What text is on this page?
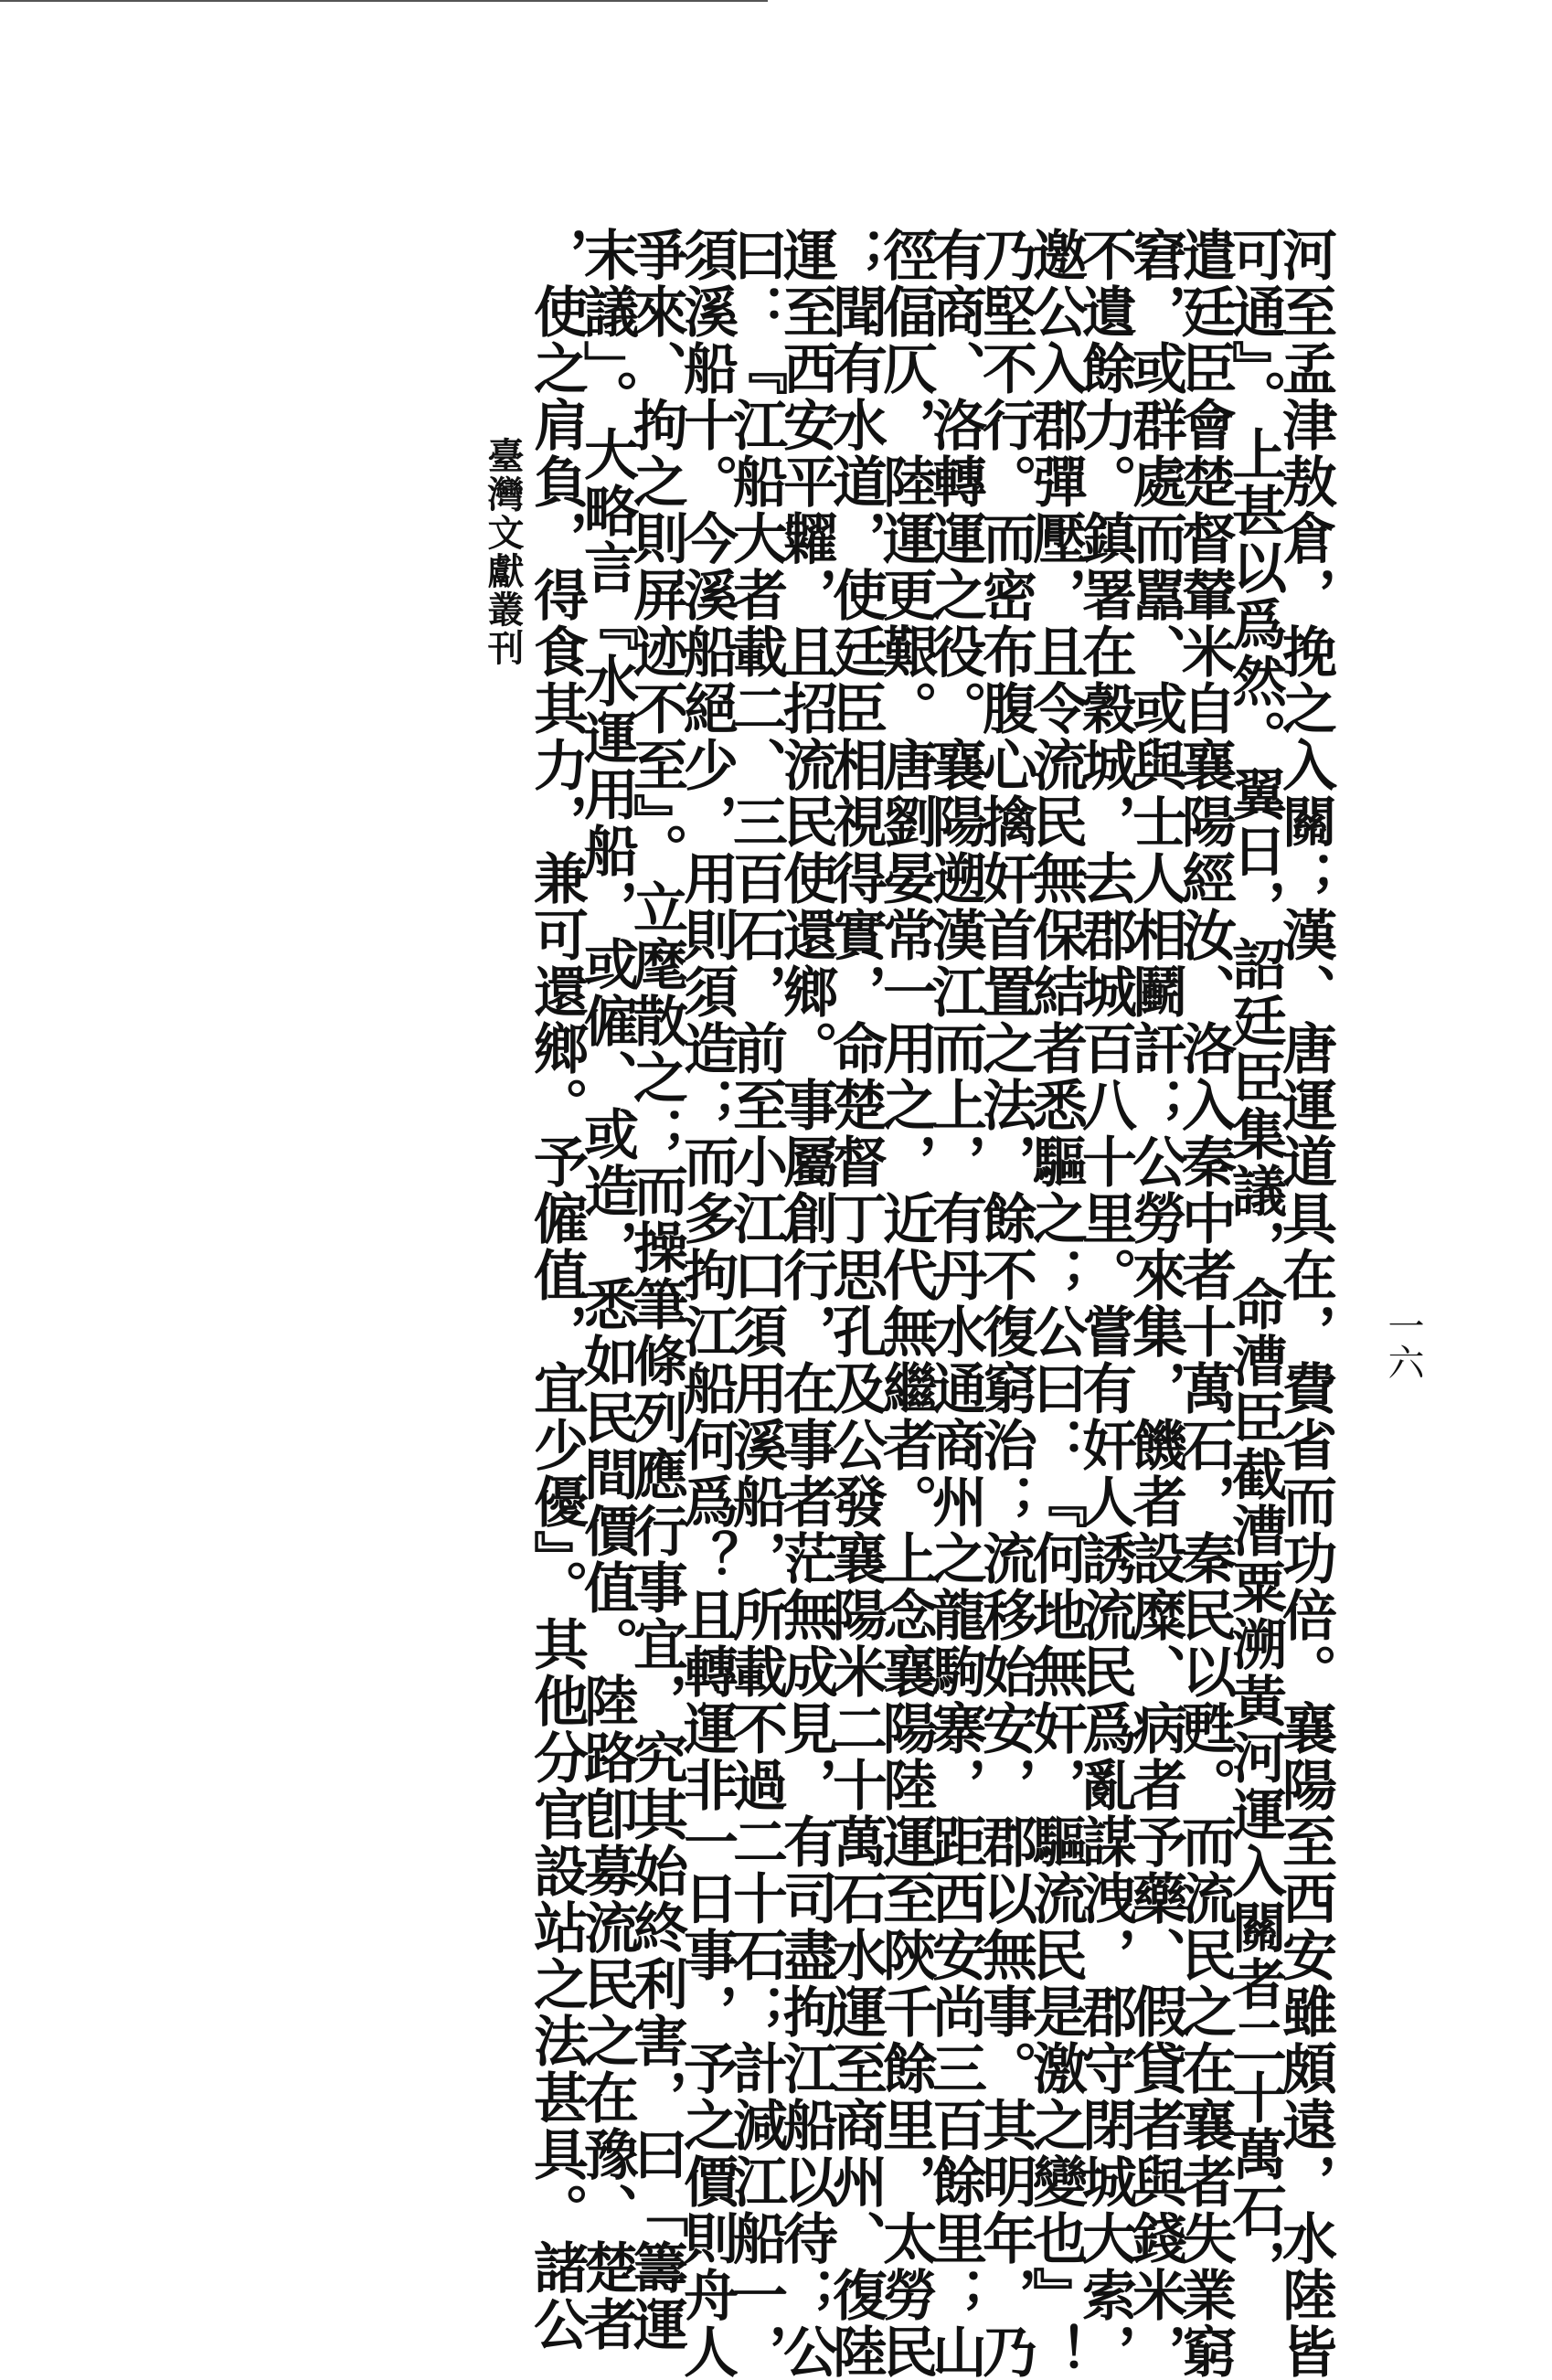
臺灣文獻叢刊
一六
河至孟津敖倉，挽之入關；漢、唐運道具在，費省而功倍。襄陽至西安雖頗遠，水陸皆
可通』。上甚以爲然。翼日，詔廷臣集議，命漕臣截漕粟溯黃河運入關者二十萬石，
遣廷臣會楚督輦米自襄陽經汝、洛入秦中者十萬石，秦民以甦。而流民之在襄者失業窮
窘，或群處而嚚、或與士人相鬬訐；公勞來集，饑者設糜、病者予藥、假貸者與錢米，
不遺餘力。鎮署在穀城，去郡城百八十里。嘗有奸人誘流民爲亂謀洩，郡守閉城大索，
邀公入郡彈壓，且令流民無保結者悉驅之；公曰：『何地無奸，驅流民是激之變也』！
乃堅不行。而密布腹心擒奸首置之法，餘不復窮治；流移始安，郡以無事。其明年，乃
有商、洛轉運之役。襄陽遡漢江而上，有丹水通商州之龍駒寨，距西安尚三百餘里；山
徑偪仄，陸運更艱。唐劉晏常一用之，近代無繼者。上念襄陽陸運至陝千餘里，太勞民
；聞有水道，使廷臣相視得實，命楚督丁思孔及公發襄陽米二十萬石水運至商州、復陸
運至西安平糶，且招流民使還鄉。事屬創行，在事者茫無成見，有司盡拘江船以待；公
曰：『江船大者載二、三百石，前至小江口須用溪船，所載不過二十石；計減江船一，
須溪船十。今溪船絕少，用則須造；而多拘江船何爲？且轉運非一日事，予之價則舟人
爭來、拘之則屏迹不至』。立麾散之；而操筆條列應行事宜，究其始終利害，曰「籌運
末議」。大略言『水運用船，或僱、或造，悉如民間價值。陸路卽募流民之在豫、楚者
，使之肩負，得食其力，兼可還鄉。予僱值，宜少優』。其他分官設站之法甚具。諸公
